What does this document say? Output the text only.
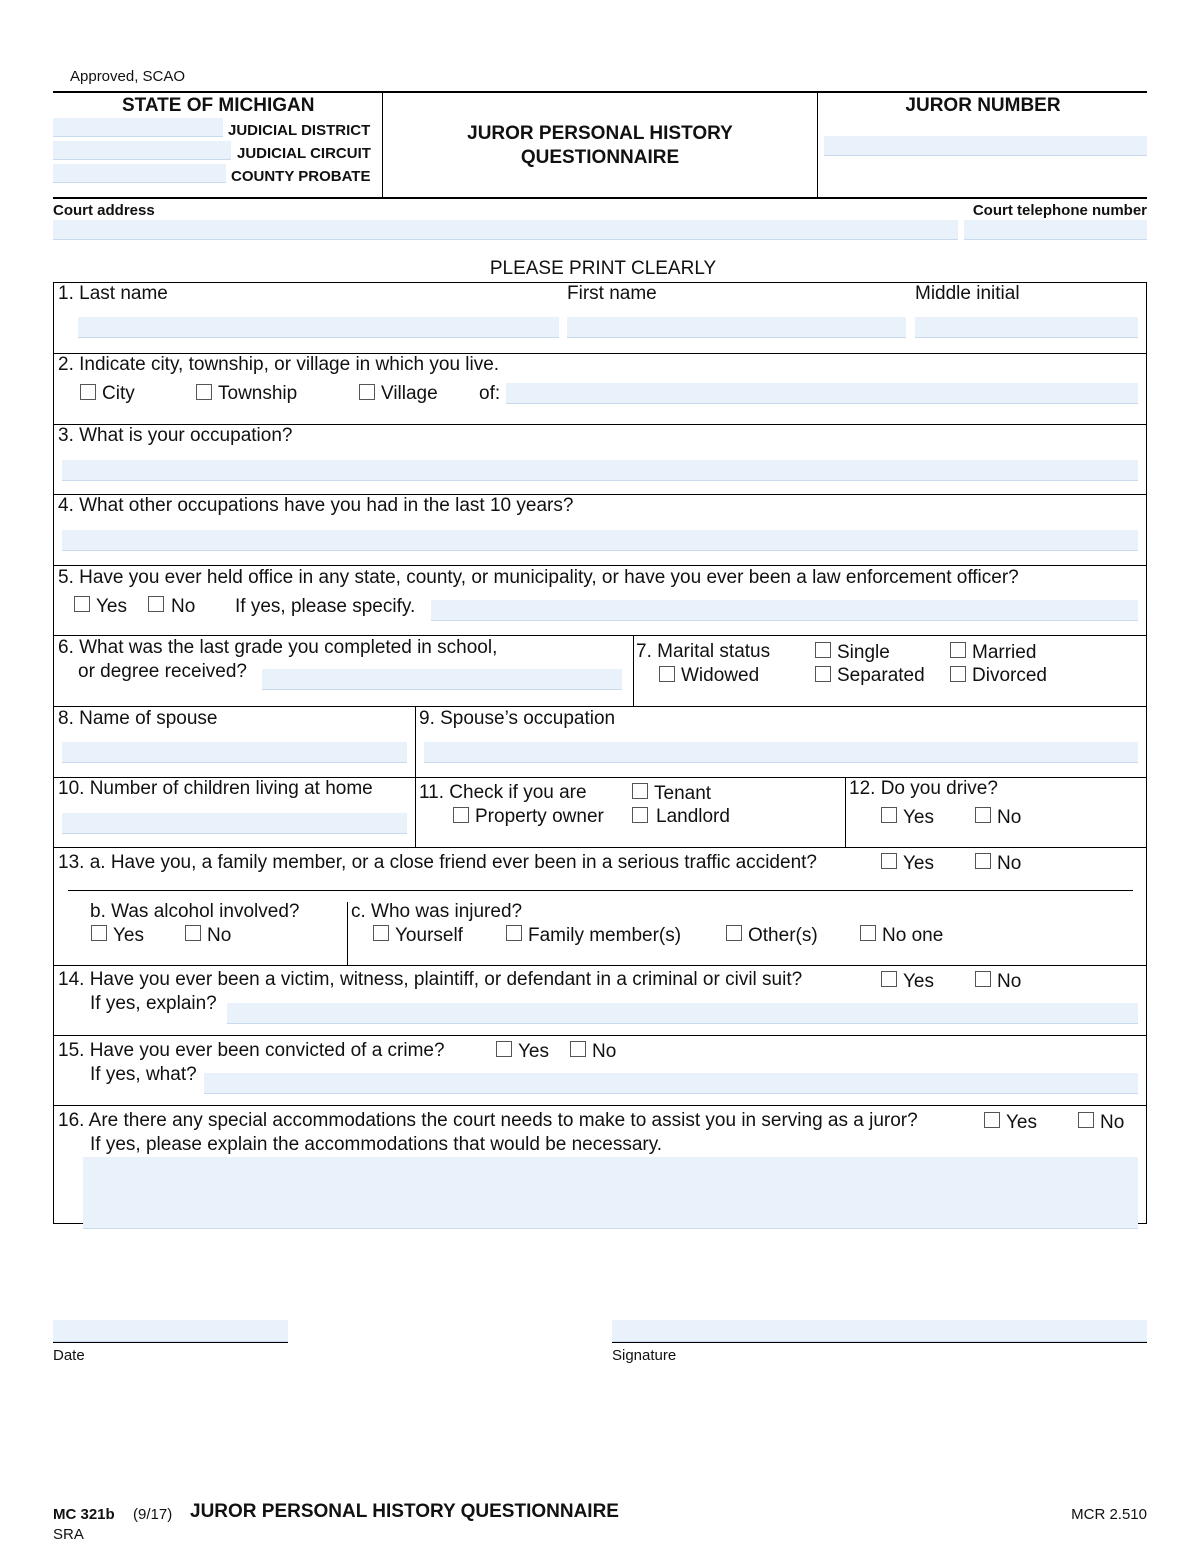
Approved, SCAO
STATE OF MICHIGAN
JUDICIAL DISTRICT
JUDICIAL CIRCUIT
COUNTY PROBATE
JUROR PERSONAL HISTORY
QUESTIONNAIRE
JUROR NUMBER
Court address	Court telephone number
PLEASE PRINT CLEARLY
1. Last name	First name	Middle initial
2. Indicate city, township, or village in which you live.
City	Township	Village of:
3. What is your occupation?
4. What other occupations have you had in the last 10 years?
5. Have you ever held office in any state, county, or municipality, or have you ever been a law enforcement officer?
Yes No If yes, please specify.
6. What was the last grade you completed in school,
or degree received?
7. Marital status	Single	Married
Widowed	Separated Divorced
8. Name of spouse	9. Spouse’s occupation
10. Number of children living at home 11. Check if you are	Tenant
Property owner	Landlord
12. Do you drive?
Yes	No
13. a. Have you, a family member, or a close friend ever been in a serious traffic accident?	Yes	No
b. Was alcohol involved?
Yes	No
c. Who was injured?
Yourself	Family member(s)	Other(s)	No one
14. Have you ever been a victim, witness, plaintiff, or defendant in a criminal or civil suit?	Yes	No
If yes, explain?
15. Have you ever been convicted of a crime?	Yes No
If yes, what?
16. Are there any special accommodations the court needs to make to assist you in serving as a juror?	Yes	No
If yes, please explain the accommodations that would be necessary.
Date	Signature
MC 321b (9/17) JUROR PERSONAL HISTORY QUESTIONNAIRE	MCR 2.510
SRA
